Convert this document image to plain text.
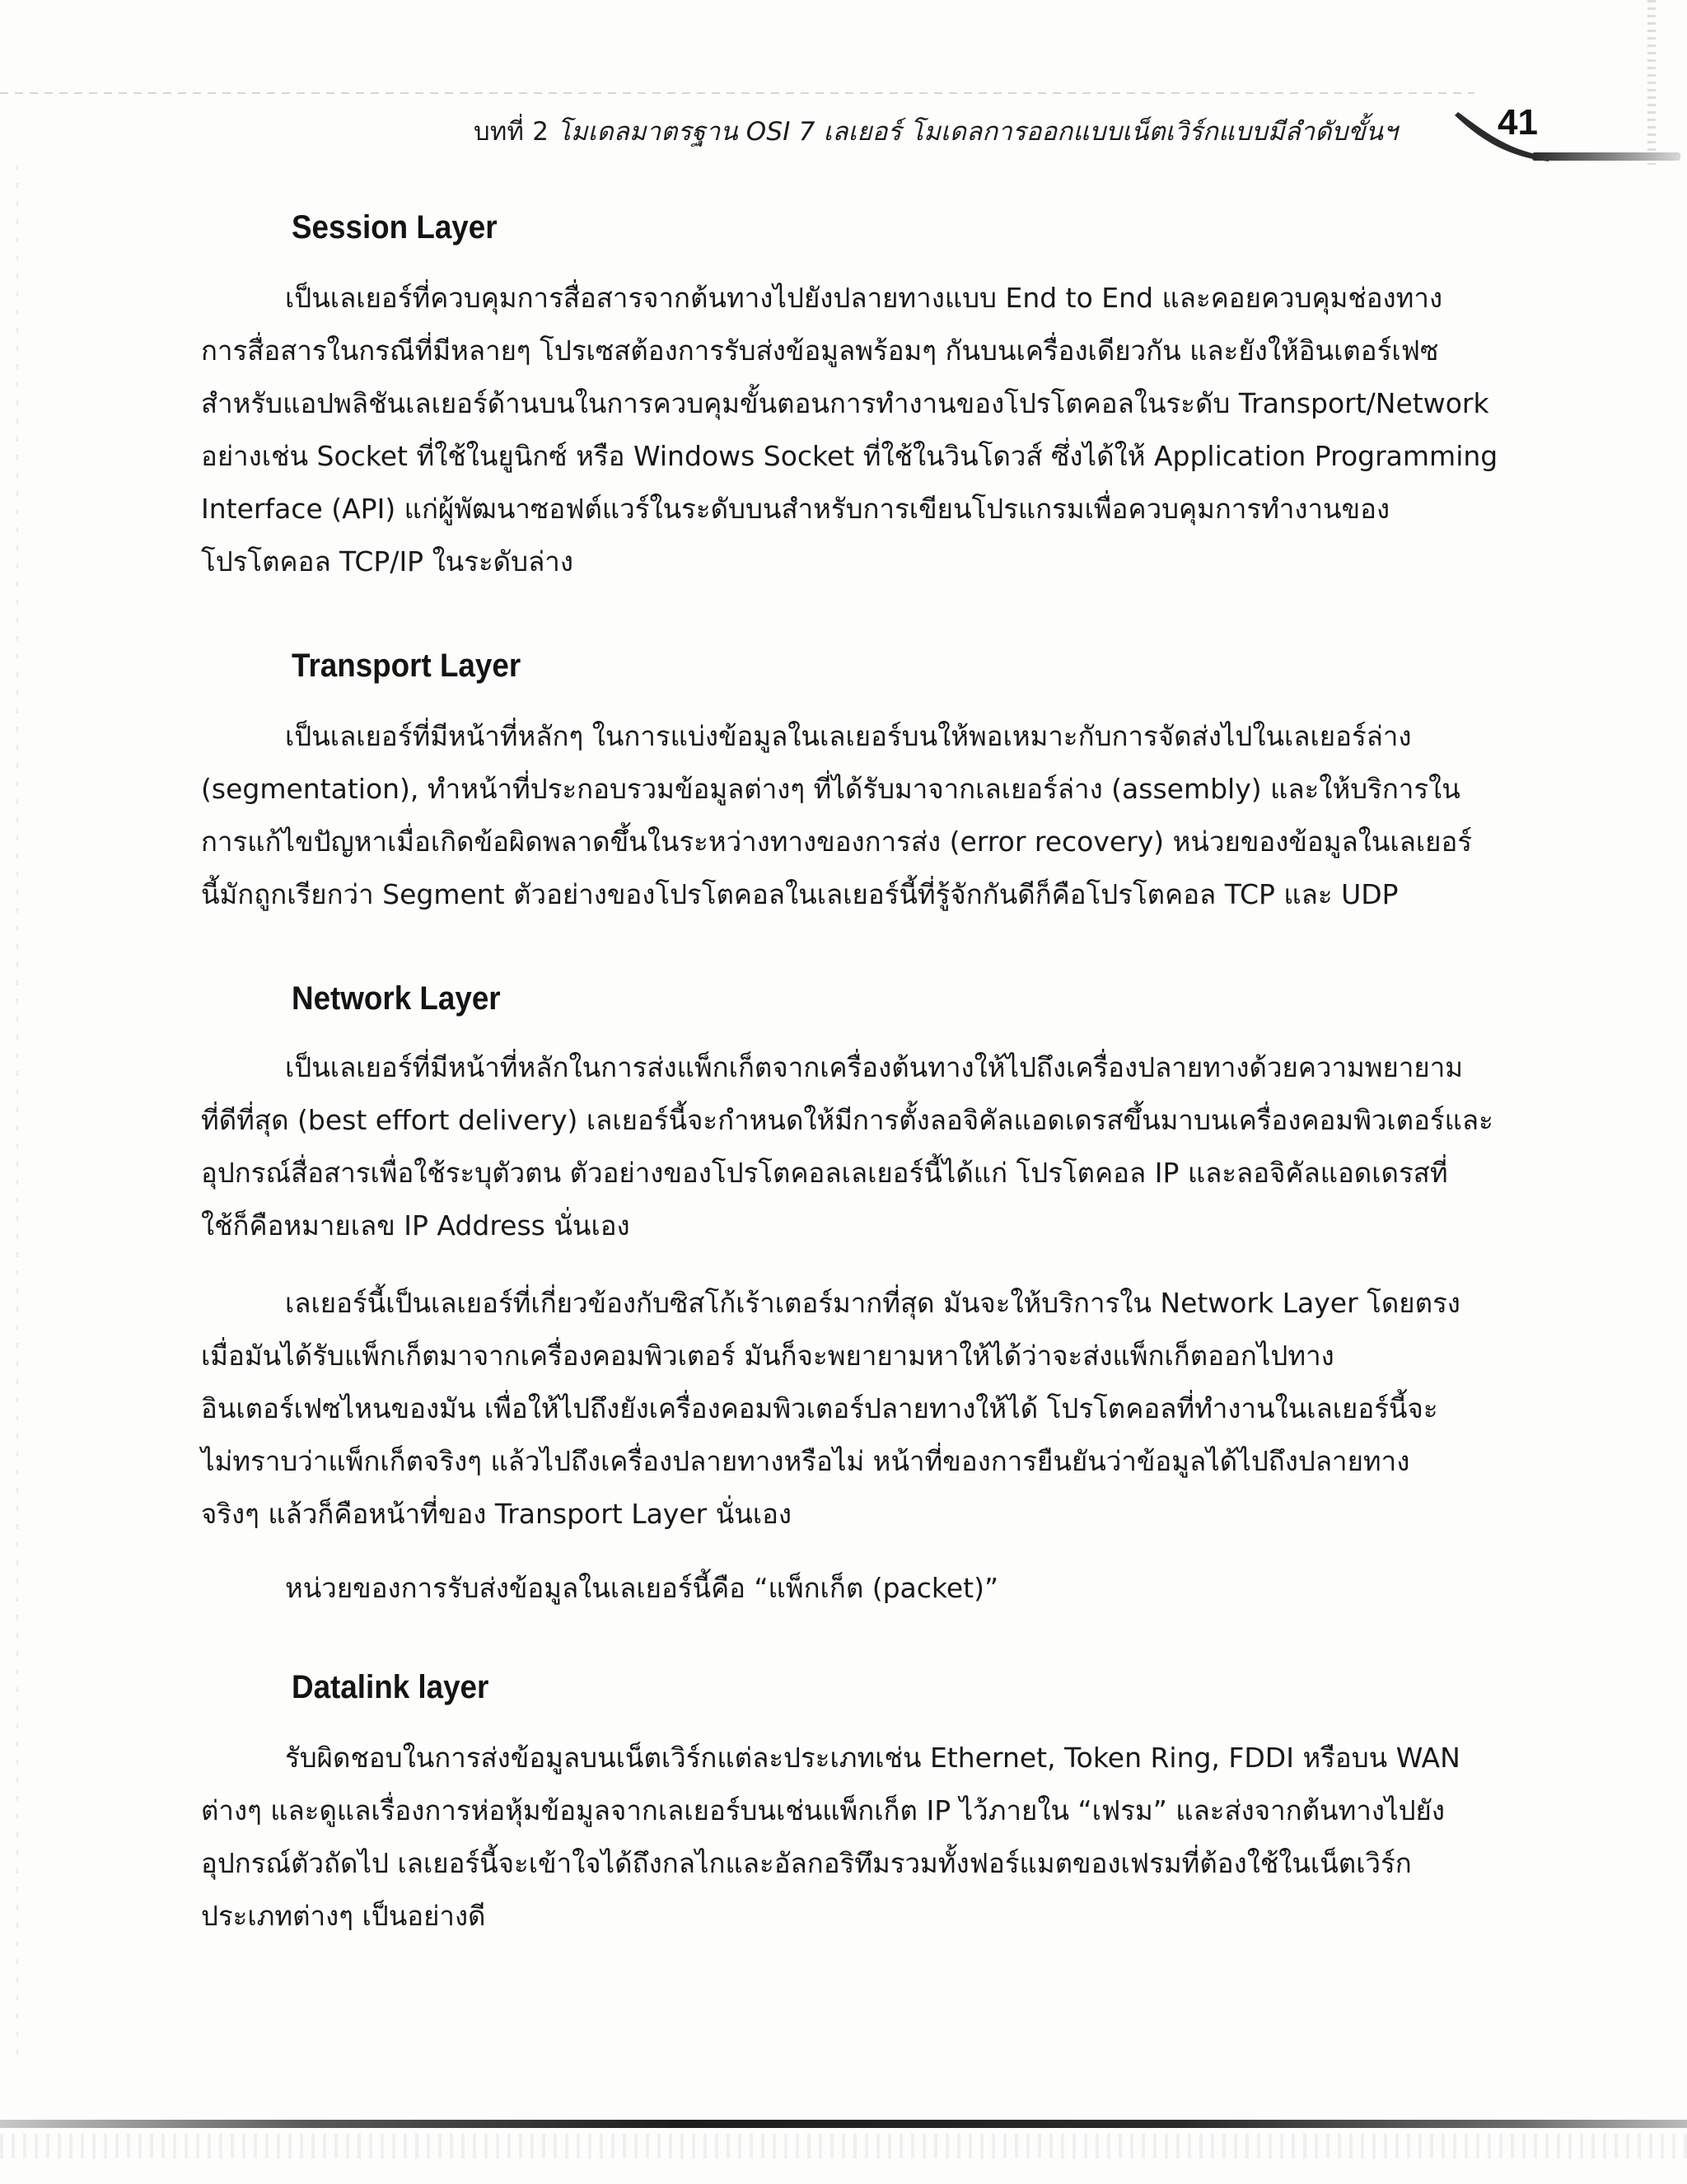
บทที่ 2 โมเดลมาตรฐาน OSI 7 เลเยอร์ โมเดลการออกแบบเน็ตเวิร์กแบบมีลำดับขั้นฯ	41
Session Layer
เป็นเลเยอร์ที่ควบคุมการสื่อสารจากต้นทางไปยังปลายทางแบบ End to End และคอยควบคุมช่องทาง
การสื่อสารในกรณีที่มีหลายๆ โปรเซสต้องการรับส่งข้อมูลพร้อมๆ กันบนเครื่องเดียวกัน และยังให้อินเตอร์เฟซ
สำหรับแอปพลิชันเลเยอร์ด้านบนในการควบคุมขั้นตอนการทำงานของโปรโตคอลในระดับ Transport/Network
อย่างเช่น Socket ที่ใช้ในยูนิกซ์ หรือ Windows Socket ที่ใช้ในวินโดวส์ ซึ่งได้ให้ Application Programming
Interface (API) แก่ผู้พัฒนาซอฟต์แวร์ในระดับบนสำหรับการเขียนโปรแกรมเพื่อควบคุมการทำงานของ
โปรโตคอล TCP/IP ในระดับล่าง
Transport Layer
เป็นเลเยอร์ที่มีหน้าที่หลักๆ ในการแบ่งข้อมูลในเลเยอร์บนให้พอเหมาะกับการจัดส่งไปในเลเยอร์ล่าง
(segmentation), ทำหน้าที่ประกอบรวมข้อมูลต่างๆ ที่ได้รับมาจากเลเยอร์ล่าง (assembly) และให้บริการใน
การแก้ไขปัญหาเมื่อเกิดข้อผิดพลาดขึ้นในระหว่างทางของการส่ง (error recovery) หน่วยของข้อมูลในเลเยอร์
นี้มักถูกเรียกว่า Segment ตัวอย่างของโปรโตคอลในเลเยอร์นี้ที่รู้จักกันดีก็คือโปรโตคอล TCP และ UDP
Network Layer
เป็นเลเยอร์ที่มีหน้าที่หลักในการส่งแพ็กเก็ตจากเครื่องต้นทางให้ไปถึงเครื่องปลายทางด้วยความพยายาม
ที่ดีที่สุด (best effort delivery) เลเยอร์นี้จะกำหนดให้มีการตั้งลอจิคัลแอดเดรสขึ้นมาบนเครื่องคอมพิวเตอร์และ
อุปกรณ์สื่อสารเพื่อใช้ระบุตัวตน ตัวอย่างของโปรโตคอลเลเยอร์นี้ได้แก่ โปรโตคอล IP และลอจิคัลแอดเดรสที่
ใช้ก็คือหมายเลข IP Address นั่นเอง
เลเยอร์นี้เป็นเลเยอร์ที่เกี่ยวข้องกับซิสโก้เร้าเตอร์มากที่สุด มันจะให้บริการใน Network Layer โดยตรง
เมื่อมันได้รับแพ็กเก็ตมาจากเครื่องคอมพิวเตอร์ มันก็จะพยายามหาให้ได้ว่าจะส่งแพ็กเก็ตออกไปทาง
อินเตอร์เฟซไหนของมัน เพื่อให้ไปถึงยังเครื่องคอมพิวเตอร์ปลายทางให้ได้ โปรโตคอลที่ทำงานในเลเยอร์นี้จะ
ไม่ทราบว่าแพ็กเก็ตจริงๆ แล้วไปถึงเครื่องปลายทางหรือไม่ หน้าที่ของการยืนยันว่าข้อมูลได้ไปถึงปลายทาง
จริงๆ แล้วก็คือหน้าที่ของ Transport Layer นั่นเอง
หน่วยของการรับส่งข้อมูลในเลเยอร์นี้คือ “แพ็กเก็ต (packet)”
Datalink layer
รับผิดชอบในการส่งข้อมูลบนเน็ตเวิร์กแต่ละประเภทเช่น Ethernet, Token Ring, FDDI หรือบน WAN
ต่างๆ และดูแลเรื่องการห่อหุ้มข้อมูลจากเลเยอร์บนเช่นแพ็กเก็ต IP ไว้ภายใน “เฟรม” และส่งจากต้นทางไปยัง
อุปกรณ์ตัวถัดไป เลเยอร์นี้จะเข้าใจได้ถึงกลไกและอัลกอริทึมรวมทั้งฟอร์แมตของเฟรมที่ต้องใช้ในเน็ตเวิร์ก
ประเภทต่างๆ เป็นอย่างดี
